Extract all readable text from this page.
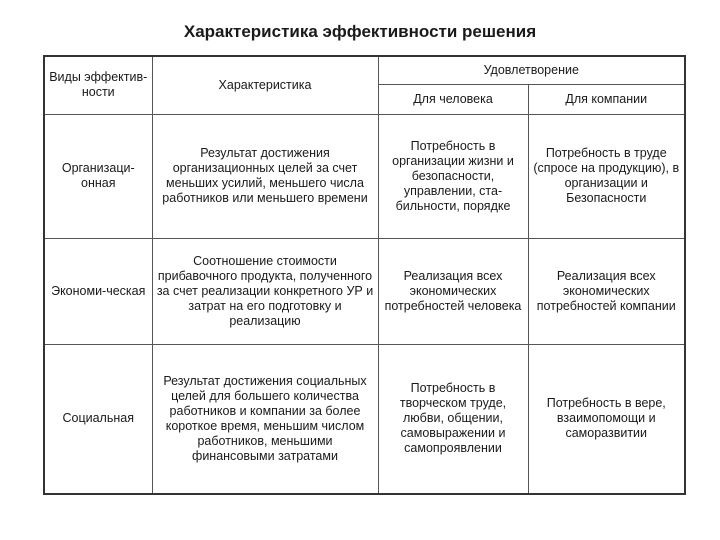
Характеристика эффективности решения
Виды эффектив-ности	Характеристика	Удовлетворение	
		Для человека	Для компании
Организаци-онная	Результат достижения организационных целей за счет меньших усилий, меньшего числа работников или меньшего времени	Потребность в организации жизни и безопасности, управлении, ста-бильности, порядке	Потребность в труде (спросе на продукцию), в организации и Безопасности
Экономи-ческая	Соотношение стоимости прибавочного продукта, полученного за счет реализации конкретного УР и затрат на его подготовку и реализацию	Реализация всех экономических потребностей человека	Реализация всех экономических потребностей компании
Социальная	Результат достижения социальных целей для большего количества работников и компании за более короткое время, меньшим числом работников, меньшими финансовыми затратами	Потребность в творческом труде, любви, общении, самовыражении и самопроявлении	Потребность в вере, взаимопомощи и саморазвитии
